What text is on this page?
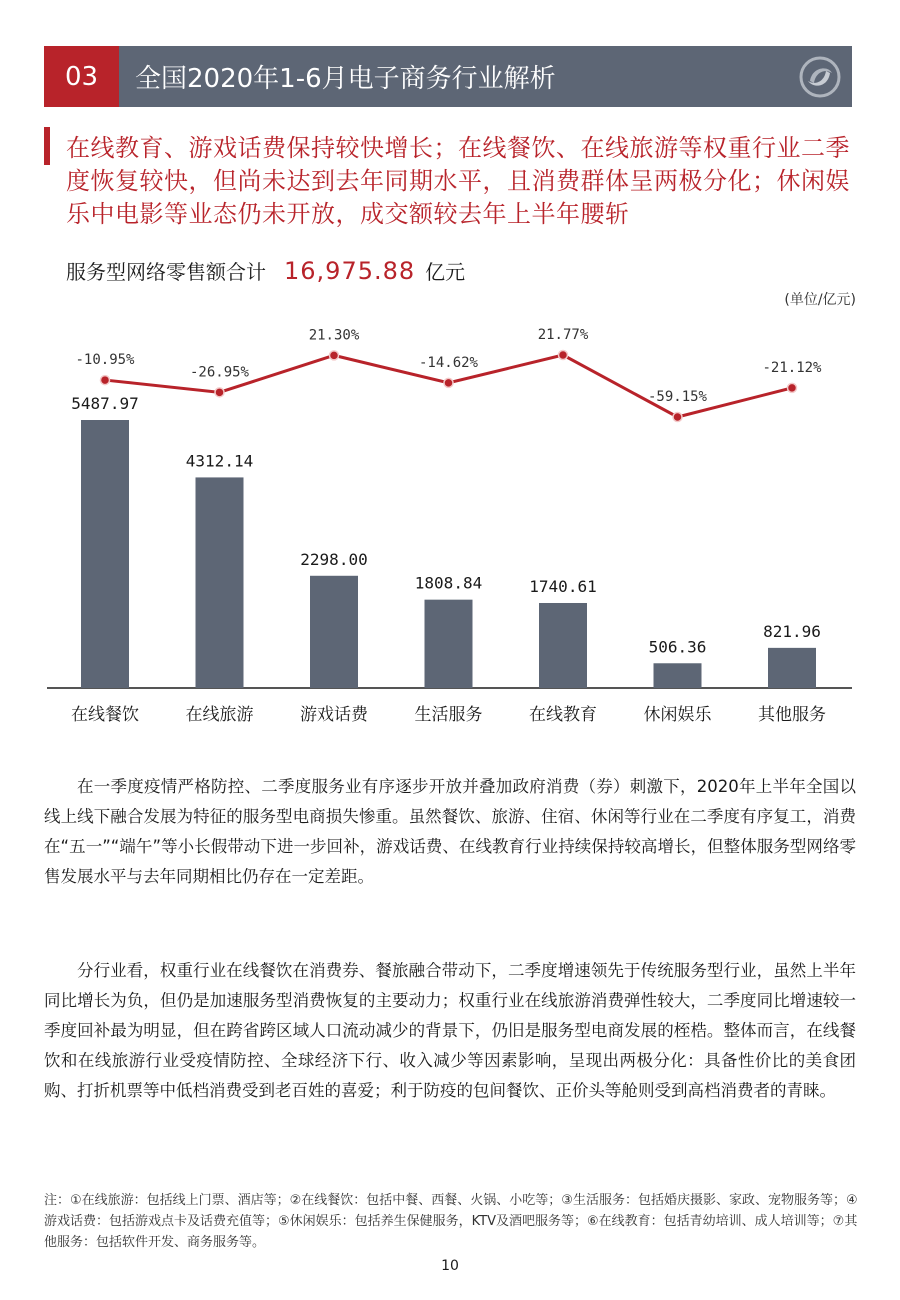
03	全国2020年1-6月电子商务行业解析
在线教育、游戏话费保持较快增长；在线餐饮、在线旅游等权重行业二季度恢复较快，但尚未达到去年同期水平，且消费群体呈两极分化；休闲娱乐中电影等业态仍未开放，成交额较去年上半年腰斩
服务型网络零售额合计 16,975.88 亿元
(单位/亿元)
5487.97
在线餐饮
4312.14
在线旅游
2298.00
游戏话费
1808.84
生活服务
1740.61
在线教育
506.36
休闲娱乐
821.96
其他服务
-10.95%
-26.95%
21.30%
-14.62%
21.77%
-59.15%
-21.12%

在一季度疫情严格防控、二季度服务业有序逐步开放并叠加政府消费（券）刺激下，2020年上半年全国以线上线下融合发展为特征的服务型电商损失惨重。虽然餐饮、旅游、住宿、休闲等行业在二季度有序复工，消费在“五一”“端午”等小长假带动下进一步回补，游戏话费、在线教育行业持续保持较高增长，但整体服务型网络零售发展水平与去年同期相比仍存在一定差距。

分行业看，权重行业在线餐饮在消费券、餐旅融合带动下，二季度增速领先于传统服务型行业，虽然上半年同比增长为负，但仍是加速服务型消费恢复的主要动力；权重行业在线旅游消费弹性较大，二季度同比增速较一季度回补最为明显，但在跨省跨区域人口流动减少的背景下，仍旧是服务型电商发展的桎梏。整体而言，在线餐饮和在线旅游行业受疫情防控、全球经济下行、收入减少等因素影响，呈现出两极分化：具备性价比的美食团购、打折机票等中低档消费受到老百姓的喜爱；利于防疫的包间餐饮、正价头等舱则受到高档消费者的青睐。

注：①在线旅游：包括线上门票、酒店等；②在线餐饮：包括中餐、西餐、火锅、小吃等；③生活服务：包括婚庆摄影、家政、宠物服务等；④游戏话费：包括游戏点卡及话费充值等；⑤休闲娱乐：包括养生保健服务，KTV及酒吧服务等；⑥在线教育：包括青幼培训、成人培训等；⑦其他服务：包括软件开发、商务服务等。

10
